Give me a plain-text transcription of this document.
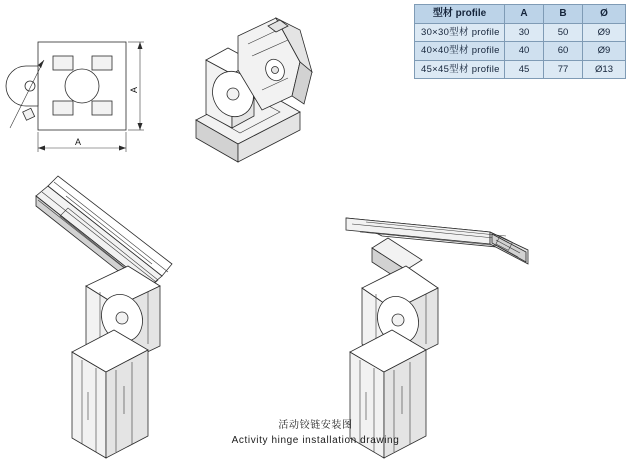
型材 profile	A	B	Ø
30×30型材 profile	30	50	Ø9
40×40型材 profile	40	60	Ø9
45×45型材 profile	45	77	Ø13
A
A
活动铰链安装图
Activity hinge installation drawing
